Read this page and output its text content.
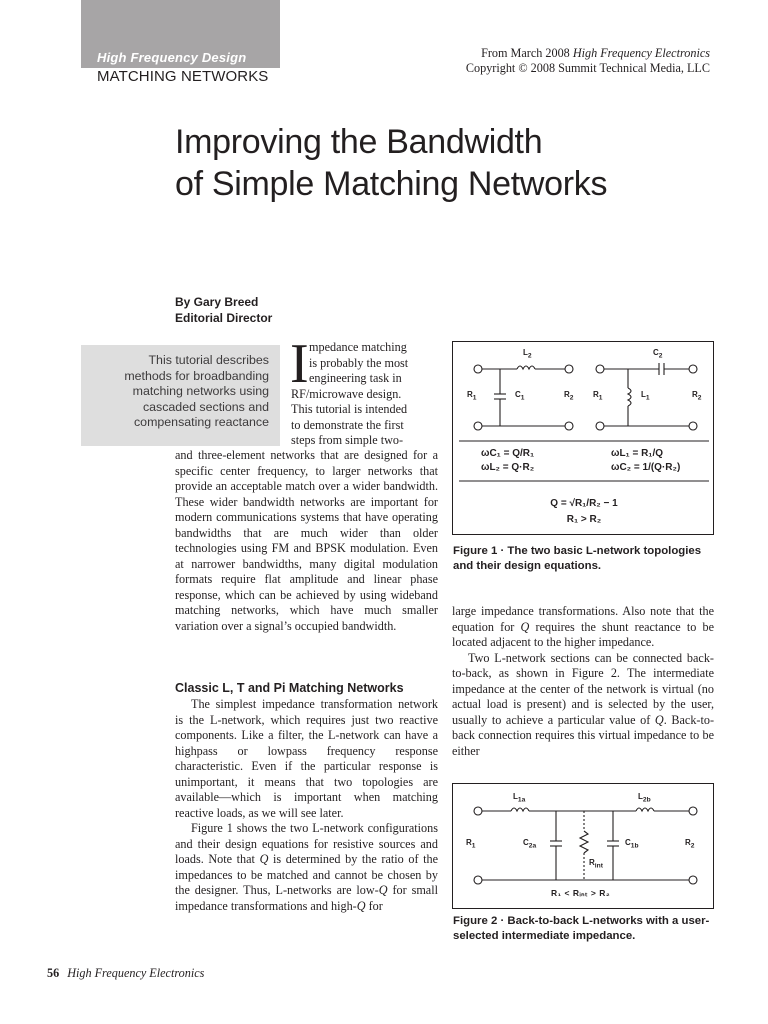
High Frequency Design
MATCHING NETWORKS
From March 2008 High Frequency Electronics
Copyright © 2008 Summit Technical Media, LLC
Improving the Bandwidth
of Simple Matching Networks
By Gary Breed
Editorial Director

This tutorial describes
methods for broadbanding
matching networks using
cascaded sections and
compensating reactance

I mpedance matching
is probably the most
engineering task in
RF/microwave design.
This tutorial is intended
to demonstrate the first
steps from simple two-

and three-element networks that are designed for a specific center frequency, to larger networks that provide an acceptable match over a wider bandwidth. These wider bandwidth networks are important for modern communications systems that have operating bandwidths that are much wider than older technologies using FM and BPSK modulation. Even at narrower bandwidths, many digital modulation formats require flat amplitude and linear phase response, which can be achieved by using wideband matching networks, which have much smaller variation over a signal’s occupied bandwidth.

Classic L, T and Pi Matching Networks

The simplest impedance transformation network is the L-network, which requires just two reactive components. Like a filter, the L-network can have a highpass or lowpass frequency response characteristic. Even if the particular response is unimportant, it means that two topologies are available—which is important when matching reactive loads, as we will see later.

Figure 1 shows the two L-network configurations and their design equations for resistive sources and loads. Note that Q is determined by the ratio of the impedances to be matched and cannot be chosen by the designer. Thus, L-networks are low-Q for small impedance transformations and high-Q for

large impedance transformations. Also note that the equation for Q requires the shunt reactance to be located adjacent to the higher impedance.

Two L-network sections can be connected back-to-back, as shown in Figure 2. The intermediate impedance at the center of the network is virtual (no actual load is present) and is selected by the user, usually to achieve a particular value of Q. Back-to-back connection requires this virtual impedance to be either

$L_2$	$C_2$
$R_1$	$C_1$	$R_2$ $R_1$	$L_1$	$R_2$
ωC₁ = Q/R₁
ωL₂ = Q·R₂
ωL₁ = R₁/Q
ωC₂ = 1/(Q·R₂)
Q = √R₁/R₂ − 1
R₁ > R₂
Figure 1 · The two basic L-network topologies and their design equations.
$L_{1a}$	$L_{2b}$
$R_1$	$C_{2a}$
$R_{int}$
$C_{1b}$	$R_2$
R₁ < Rᵢₙₜ > R₂
Figure 2 · Back-to-back L-networks with a user-selected intermediate impedance.
56 High Frequency Electronics
